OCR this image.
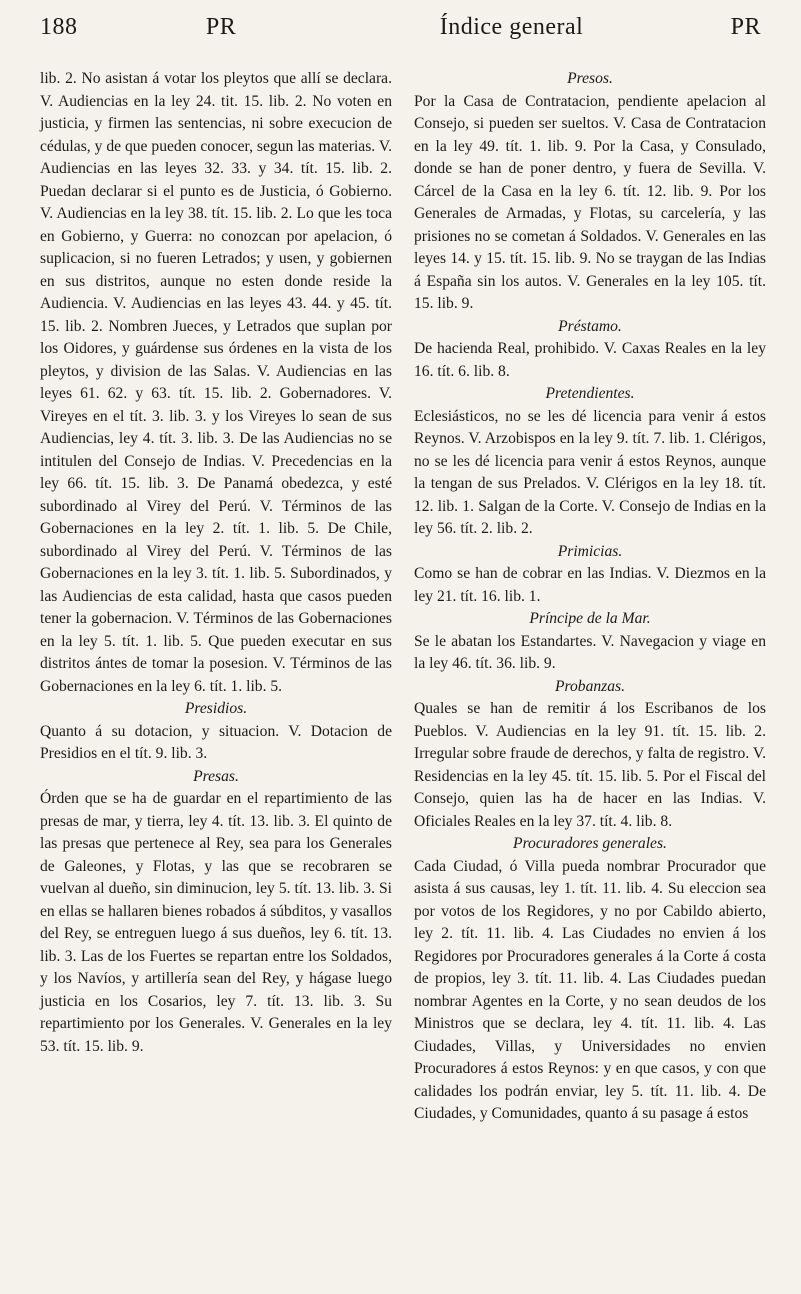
188	PR	Índice general	PR

lib. 2. No asistan á votar los pleytos que allí se declara. V. Audiencias en la ley 24. tit. 15. lib. 2. No voten en justicia, y firmen las sentencias, ni sobre execucion de cédulas, y de que pueden conocer, segun las materias. V. Audiencias en las leyes 32. 33. y 34. tít. 15. lib. 2. Puedan declarar si el punto es de Justicia, ó Gobierno. V. Audiencias en la ley 38. tít. 15. lib. 2. Lo que les toca en Gobierno, y Guerra: no conozcan por apelacion, ó suplicacion, si no fueren Letrados; y usen, y gobiernen en sus distritos, aunque no esten donde reside la Audiencia. V. Audiencias en las leyes 43. 44. y 45. tít. 15. lib. 2. Nombren Jueces, y Letrados que suplan por los Oidores, y guárdense sus órdenes en la vista de los pleytos, y division de las Salas. V. Audiencias en las leyes 61. 62. y 63. tít. 15. lib. 2. Gobernadores. V. Vireyes en el tít. 3. lib. 3. y los Vireyes lo sean de sus Audiencias, ley 4. tít. 3. lib. 3. De las Audiencias no se intitulen del Consejo de Indias. V. Precedencias en la ley 66. tít. 15. lib. 3. De Panamá obedezca, y esté subordinado al Virey del Perú. V. Términos de las Gobernaciones en la ley 2. tít. 1. lib. 5. De Chile, subordinado al Virey del Perú. V. Términos de las Gobernaciones en la ley 3. tít. 1. lib. 5. Subordinados, y las Audiencias de esta calidad, hasta que casos pueden tener la gobernacion. V. Términos de las Gobernaciones en la ley 5. tít. 1. lib. 5. Que pueden executar en sus distritos ántes de tomar la posesion. V. Términos de las Gobernaciones en la ley 6. tít. 1. lib. 5.

Presidios.

Quanto á su dotacion, y situacion. V. Dotacion de Presidios en el tít. 9. lib. 3.

Presas.

Órden que se ha de guardar en el repartimiento de las presas de mar, y tierra, ley 4. tít. 13. lib. 3. El quinto de las presas que pertenece al Rey, sea para los Generales de Galeones, y Flotas, y las que se recobraren se vuelvan al dueño, sin diminucion, ley 5. tít. 13. lib. 3. Si en ellas se hallaren bienes robados á súbditos, y vasallos del Rey, se entreguen luego á sus dueños, ley 6. tít. 13. lib. 3. Las de los Fuertes se repartan entre los Soldados, y los Navíos, y artillería sean del Rey, y hágase luego justicia en los Cosarios, ley 7. tít. 13. lib. 3. Su repartimiento por los Generales. V. Generales en la ley 53. tít. 15. lib. 9.

Presos.

Por la Casa de Contratacion, pendiente apelacion al Consejo, si pueden ser sueltos. V. Casa de Contratacion en la ley 49. tít. 1. lib. 9. Por la Casa, y Consulado, donde se han de poner dentro, y fuera de Sevilla. V. Cárcel de la Casa en la ley 6. tít. 12. lib. 9. Por los Generales de Armadas, y Flotas, su carcelería, y las prisiones no se cometan á Soldados. V. Generales en las leyes 14. y 15. tít. 15. lib. 9. No se traygan de las Indias á España sin los autos. V. Generales en la ley 105. tít. 15. lib. 9.

Préstamo.

De hacienda Real, prohibido. V. Caxas Reales en la ley 16. tít. 6. lib. 8.

Pretendientes.

Eclesiásticos, no se les dé licencia para venir á estos Reynos. V. Arzobispos en la ley 9. tít. 7. lib. 1. Clérigos, no se les dé licencia para venir á estos Reynos, aunque la tengan de sus Prelados. V. Clérigos en la ley 18. tít. 12. lib. 1. Salgan de la Corte. V. Consejo de Indias en la ley 56. tít. 2. lib. 2.

Primicias.

Como se han de cobrar en las Indias. V. Diezmos en la ley 21. tít. 16. lib. 1.

Príncipe de la Mar.

Se le abatan los Estandartes. V. Navegacion y viage en la ley 46. tít. 36. lib. 9.

Probanzas.

Quales se han de remitir á los Escribanos de los Pueblos. V. Audiencias en la ley 91. tít. 15. lib. 2. Irregular sobre fraude de derechos, y falta de registro. V. Residencias en la ley 45. tít. 15. lib. 5. Por el Fiscal del Consejo, quien las ha de hacer en las Indias. V. Oficiales Reales en la ley 37. tít. 4. lib. 8.

Procuradores generales.

Cada Ciudad, ó Villa pueda nombrar Procurador que asista á sus causas, ley 1. tít. 11. lib. 4. Su eleccion sea por votos de los Regidores, y no por Cabildo abierto, ley 2. tít. 11. lib. 4. Las Ciudades no envien á los Regidores por Procuradores generales á la Corte á costa de propios, ley 3. tít. 11. lib. 4. Las Ciudades puedan nombrar Agentes en la Corte, y no sean deudos de los Ministros que se declara, ley 4. tít. 11. lib. 4. Las Ciudades, Villas, y Universidades no envien Procuradores á estos Reynos: y en que casos, y con que calidades los podrán enviar, ley 5. tít. 11. lib. 4. De Ciudades, y Comunidades, quanto á su pasage á estos
